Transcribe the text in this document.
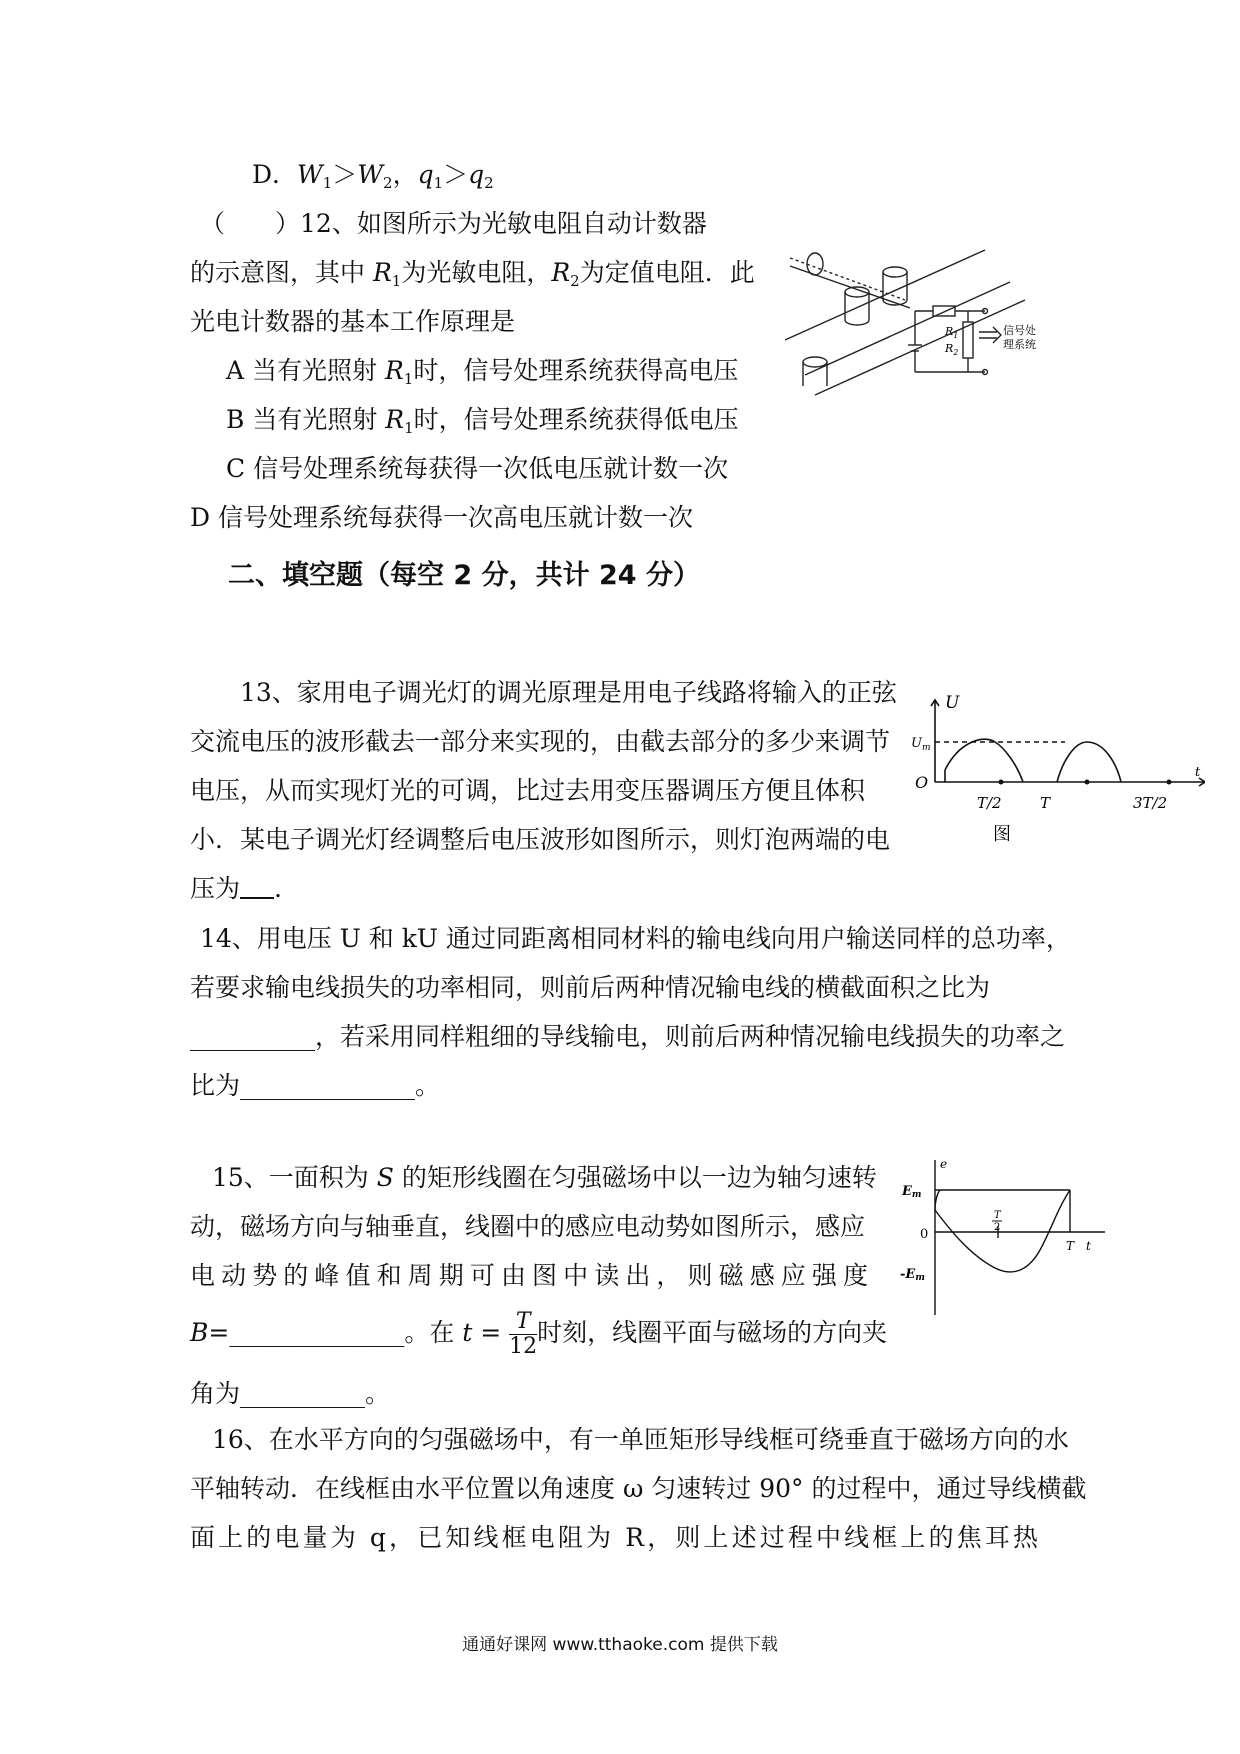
D．$W_1>W_2$，$q_1>q_2$
（　　）12、如图所示为光敏电阻自动计数器
的示意图，其中 $R_1$为光敏电阻，$R_2$为定值电阻．此
光电计数器的基本工作原理是
A 当有光照射 $R_1$时，信号处理系统获得高电压
B 当有光照射 $R_1$时，信号处理系统获得低电压
C 信号处理系统每获得一次低电压就计数一次
D 信号处理系统每获得一次高电压就计数一次
$R_1$
$R_2$
信号处
理系统
二、填空题（每空 2 分，共计 24 分）
13、家用电子调光灯的调光原理是用电子线路将输入的正弦
交流电压的波形截去一部分来实现的，由截去部分的多少来调节
电压，从而实现灯光的可调，比过去用变压器调压方便且体积
小．某电子调光灯经调整后电压波形如图所示，则灯泡两端的电
压为 .
U
$U_m$
O
t
T/2	T	3T/2
图
14、用电压 U 和 kU 通过同距离相同材料的输电线向用户输送同样的总功率，
若要求输电线损失的功率相同，则前后两种情况输电线的横截面积之比为
__________，若采用同样粗细的导线输电，则前后两种情况输电线损失的功率之
比为______________。
15、一面积为 S 的矩形线圈在匀强磁场中以一边为轴匀速转
动，磁场方向与轴垂直，线圈中的感应电动势如图所示，感应
电动势的峰值和周期可由图中读出，则磁感应强度
B=______________。在 $t = \frac{T}{12}$ 时刻，线圈平面与磁场的方向夹
角为__________。
Em
e
0
T
2
T t
-Em
16、在水平方向的匀强磁场中，有一单匝矩形导线框可绕垂直于磁场方向的水
平轴转动．在线框由水平位置以角速度 ω 匀速转过 90° 的过程中，通过导线横截
面上的电量为 q，已知线框电阻为 R，则上述过程中线框上的焦耳热
通通好课网 www.tthaoke.com 提供下载
